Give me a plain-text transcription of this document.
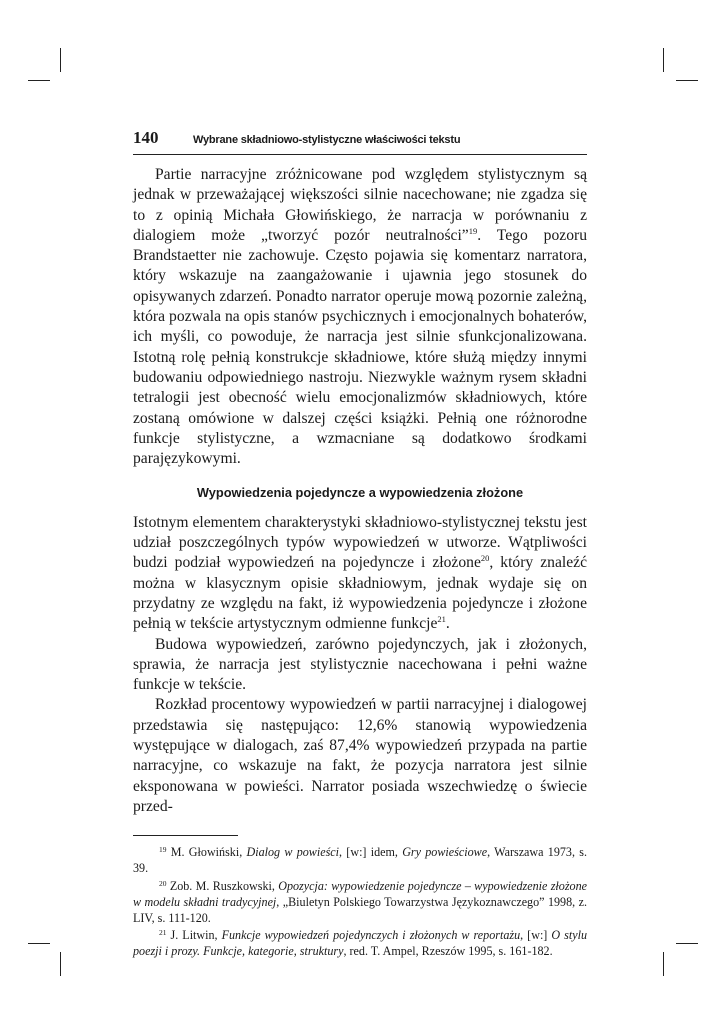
140	Wybrane składniowo-stylistyczne właściwości tekstu

Partie narracyjne zróżnicowane pod względem stylistycznym są jednak w przeważającej większości silnie nacechowane; nie zgadza się to z opinią Michała Głowińskiego, że narracja w porównaniu z dialogiem może „tworzyć pozór neutralności”$^{19}$. Tego pozoru Brandstaetter nie zachowuje. Często pojawia się komentarz narratora, który wskazuje na zaangażowanie i ujawnia jego stosunek do opisywanych zdarzeń. Ponadto narrator operuje mową pozornie zależną, która pozwala na opis stanów psychicznych i emocjonalnych bohaterów, ich myśli, co powoduje, że narracja jest silnie sfunkcjonalizowana. Istotną rolę pełnią konstrukcje składniowe, które służą między innymi budowaniu odpowiedniego nastroju. Niezwykle ważnym rysem składni tetralogii jest obecność wielu emocjonalizmów składniowych, które zostaną omówione w dalszej części książki. Pełnią one różnorodne funkcje stylistyczne, a wzmacniane są dodatkowo środkami parajęzykowymi.

Wypowiedzenia pojedyncze a wypowiedzenia złożone

Istotnym elementem charakterystyki składniowo-stylistycznej tekstu jest udział poszczególnych typów wypowiedzeń w utworze. Wątpliwości budzi podział wypowiedzeń na pojedyncze i złożone$^{20}$, który znaleźć można w klasycznym opisie składniowym, jednak wydaje się on przydatny ze względu na fakt, iż wypowiedzenia pojedyncze i złożone pełnią w tekście artystycznym odmienne funkcje$^{21}$.

Budowa wypowiedzeń, zarówno pojedynczych, jak i złożonych, sprawia, że narracja jest stylistycznie nacechowana i pełni ważne funkcje w tekście.

Rozkład procentowy wypowiedzeń w partii narracyjnej i dialogowej przedstawia się następująco: 12,6% stanowią wypowiedzenia występujące w dialogach, zaś 87,4% wypowiedzeń przypada na partie narracyjne, co wskazuje na fakt, że pozycja narratora jest silnie eksponowana w powieści. Narrator posiada wszechwiedzę o świecie przed-

$^{19}$ M. Głowiński, Dialog w powieści, [w:] idem, Gry powieściowe, Warszawa 1973, s. 39.

$^{20}$ Zob. M. Ruszkowski, Opozycja: wypowiedzenie pojedyncze – wypowiedzenie złożone w modelu składni tradycyjnej, „Biuletyn Polskiego Towarzystwa Językoznawczego” 1998, z. LIV, s. 111-120.

$^{21}$ J. Litwin, Funkcje wypowiedzeń pojedynczych i złożonych w reportażu, [w:] O stylu poezji i prozy. Funkcje, kategorie, struktury, red. T. Ampel, Rzeszów 1995, s. 161-182.
